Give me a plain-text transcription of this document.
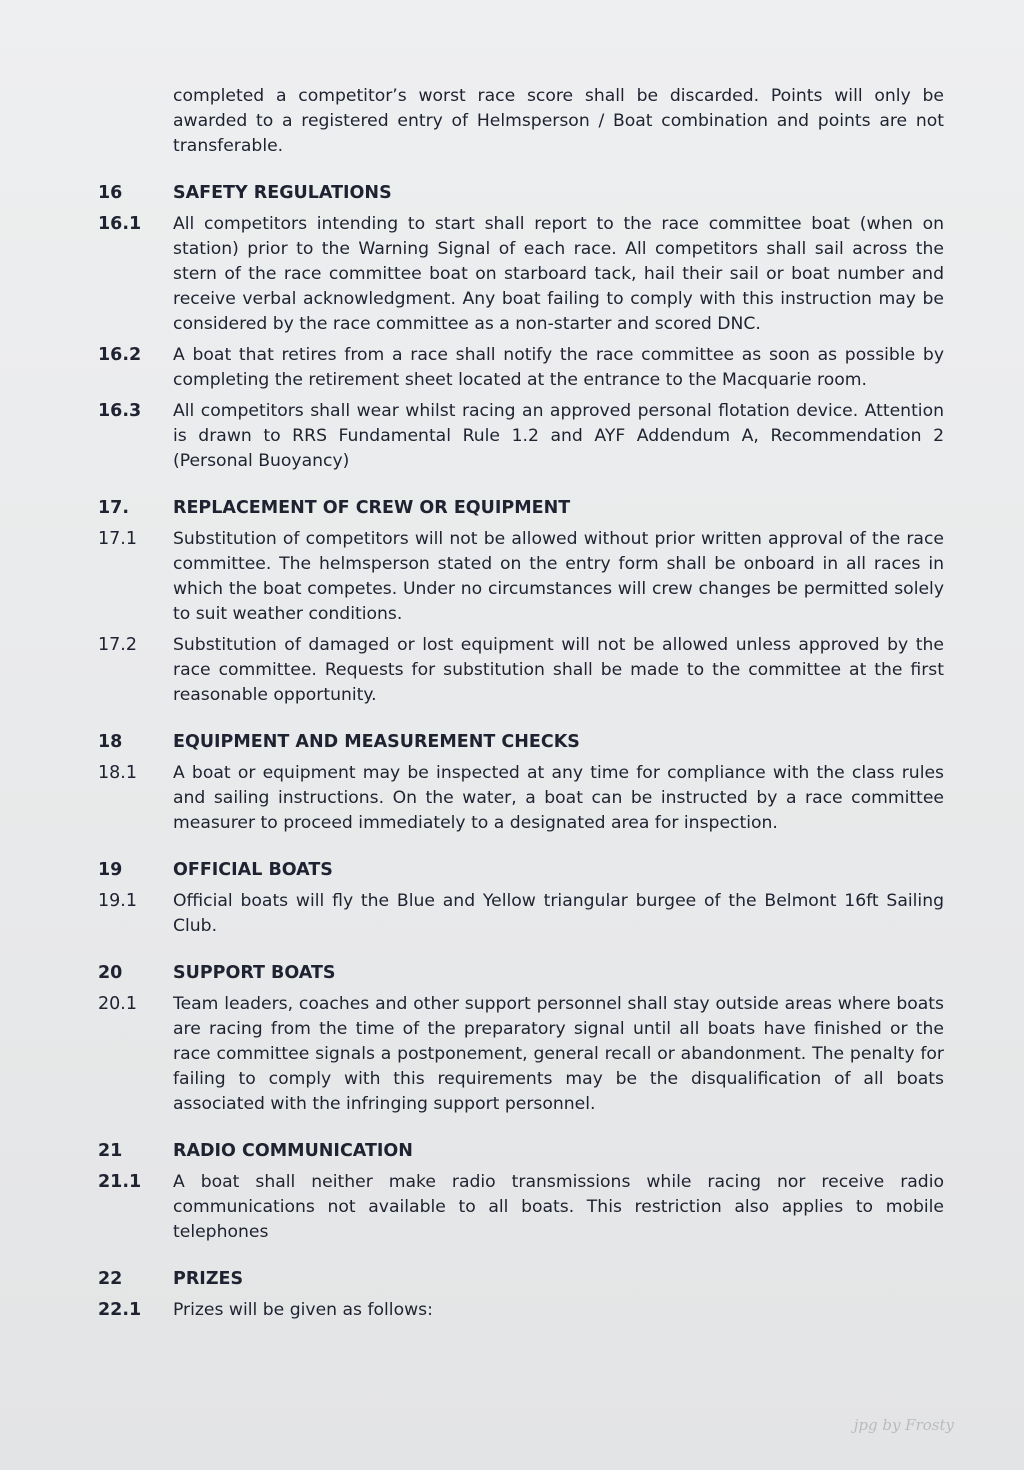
completed a competitor’s worst race score shall be discarded. Points will only be awarded to a registered entry of Helmsperson / Boat combination and points are not transferable.
16	SAFETY REGULATIONS
16.1	All competitors intending to start shall report to the race committee boat (when on station) prior to the Warning Signal of each race. All competitors shall sail across the stern of the race committee boat on starboard tack, hail their sail or boat number and receive verbal acknowledgment. Any boat failing to comply with this instruction may be considered by the race committee as a non-starter and scored DNC.
16.2	A boat that retires from a race shall notify the race committee as soon as possible by completing the retirement sheet located at the entrance to the Macquarie room.
16.3	All competitors shall wear whilst racing an approved personal flotation device. Attention is drawn to RRS Fundamental Rule 1.2 and AYF Addendum A, Recommendation 2 (Personal Buoyancy)
17.	REPLACEMENT OF CREW OR EQUIPMENT
17.1	Substitution of competitors will not be allowed without prior written approval of the race committee. The helmsperson stated on the entry form shall be onboard in all races in which the boat competes. Under no circumstances will crew changes be permitted solely to suit weather conditions.
17.2	Substitution of damaged or lost equipment will not be allowed unless approved by the race committee. Requests for substitution shall be made to the committee at the first reasonable opportunity.
18	EQUIPMENT AND MEASUREMENT CHECKS
18.1	A boat or equipment may be inspected at any time for compliance with the class rules and sailing instructions. On the water, a boat can be instructed by a race committee measurer to proceed immediately to a designated area for inspection.
19	OFFICIAL BOATS
19.1	Official boats will fly the Blue and Yellow triangular burgee of the Belmont 16ft Sailing Club.
20	SUPPORT BOATS
20.1	Team leaders, coaches and other support personnel shall stay outside areas where boats are racing from the time of the preparatory signal until all boats have finished or the race committee signals a postponement, general recall or abandonment. The penalty for failing to comply with this requirements may be the disqualification of all boats associated with the infringing support personnel.
21	RADIO COMMUNICATION
21.1	A boat shall neither make radio transmissions while racing nor receive radio communications not available to all boats. This restriction also applies to mobile telephones
22	PRIZES
22.1	Prizes will be given as follows:
jpg by Frosty
